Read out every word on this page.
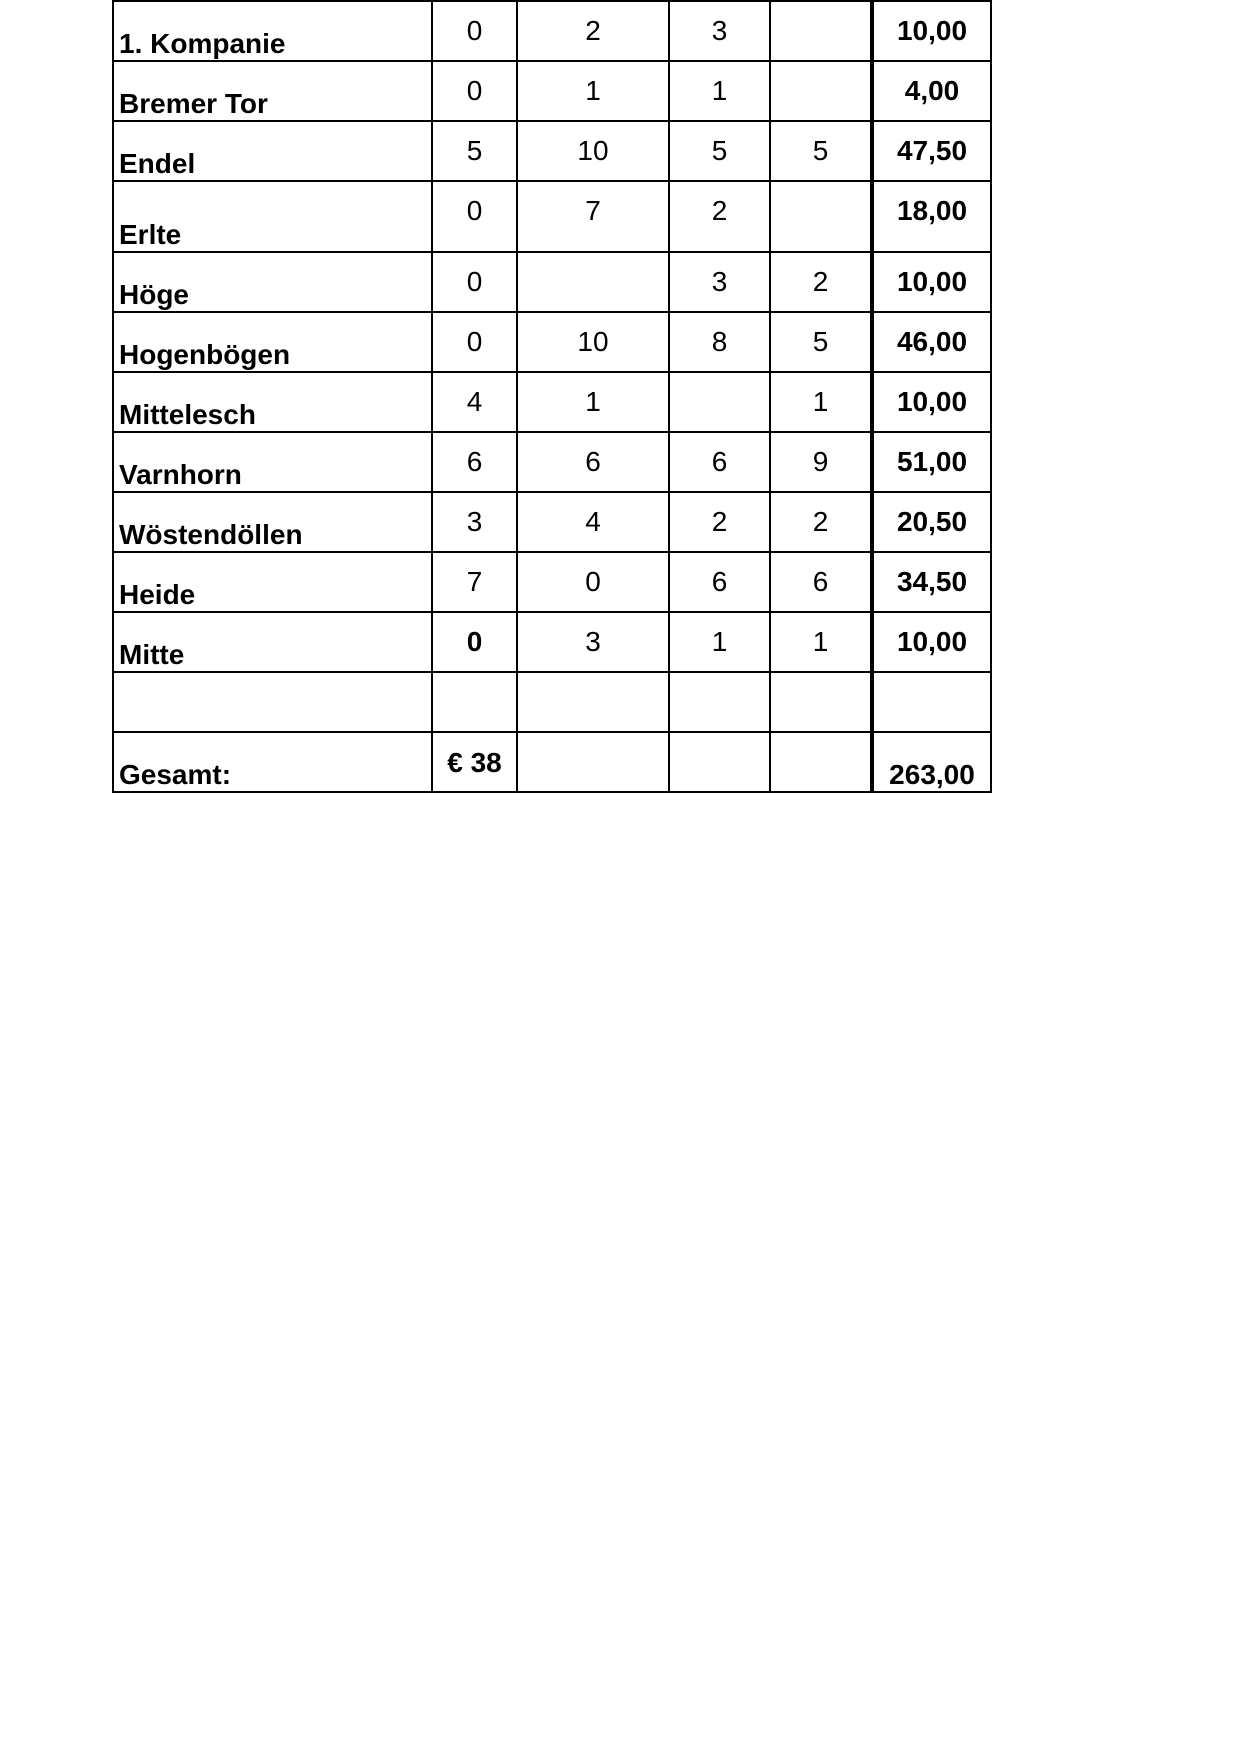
1. Kompanie	0	2	3		10,00

Bremer Tor	0	1	1		4,00

Endel	5	10	5	5	47,50

Erlte	0	7	2		18,00

Höge	0		3	2	10,00

Hogenbögen	0	10	8	5	46,00

Mittelesch	4	1		1	10,00

Varnhorn	6	6	6	9	51,00

Wöstendöllen	3	4	2	2	20,50

Heide	7	0	6	6	34,50

Mitte	0	3	1	1	10,00

Gesamt:	€ 38				263,00
